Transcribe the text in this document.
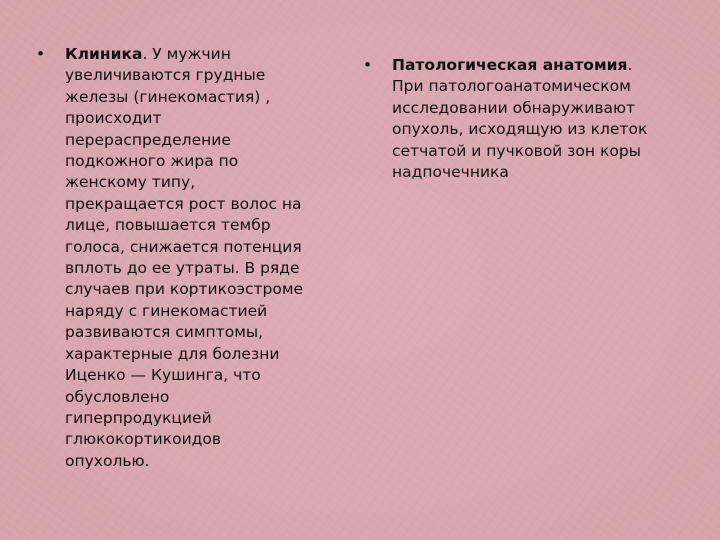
•	Клиника. У мужчин
увеличиваются грудные
железы (гинекомастия) ,
происходит
перераспределение
подкожного жира по
женскому типу,
прекращается рост волос на
лице, повышается тембр
голоса, снижается потенция
вплоть до ее утраты. В ряде
случаев при кортикоэстроме
наряду с гинекомастией
развиваются симптомы,
характерные для болезни
Иценко — Кушинга, что
обусловлено
гиперпродукцией
глюкокортикоидов
опухолью.
•	Патологическая анатомия.
При патологоанатомическом
исследовании обнаруживают
опухоль, исходящую из клеток
сетчатой и пучковой зон коры
надпочечника
